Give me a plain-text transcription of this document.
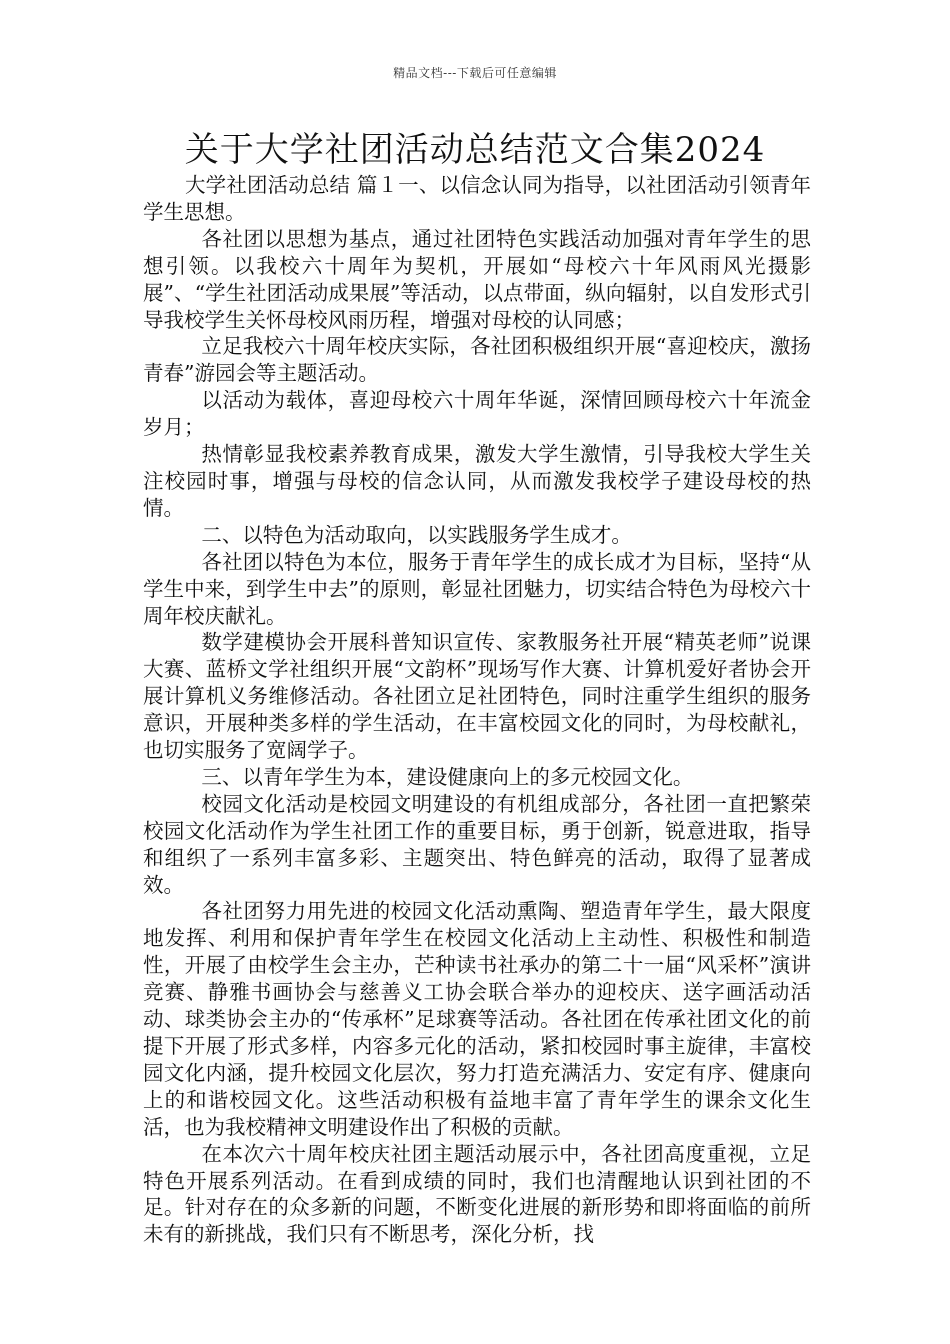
精品文档---下载后可任意编辑
关于大学社团活动总结范文合集2024

大学社团活动总结 篇１一、以信念认同为指导，以社团活动引领青年学生思想。

各社团以思想为基点，通过社团特色实践活动加强对青年学生的思想引领。以我校六十周年为契机，开展如“母校六十年风雨风光摄影展”、“学生社团活动成果展”等活动，以点带面，纵向辐射，以自发形式引导我校学生关怀母校风雨历程，增强对母校的认同感；

立足我校六十周年校庆实际，各社团积极组织开展“喜迎校庆，激扬青春”游园会等主题活动。

以活动为载体，喜迎母校六十周年华诞，深情回顾母校六十年流金岁月；

热情彰显我校素养教育成果，激发大学生激情，引导我校大学生关注校园时事，增强与母校的信念认同，从而激发我校学子建设母校的热情。

二、以特色为活动取向，以实践服务学生成才。

各社团以特色为本位，服务于青年学生的成长成才为目标，坚持“从学生中来，到学生中去”的原则，彰显社团魅力，切实结合特色为母校六十周年校庆献礼。

数学建模协会开展科普知识宣传、家教服务社开展“精英老师”说课大赛、蓝桥文学社组织开展“文韵杯”现场写作大赛、计算机爱好者协会开展计算机义务维修活动。各社团立足社团特色，同时注重学生组织的服务意识，开展种类多样的学生活动，在丰富校园文化的同时，为母校献礼，也切实服务了宽阔学子。

三、以青年学生为本，建设健康向上的多元校园文化。

校园文化活动是校园文明建设的有机组成部分，各社团一直把繁荣校园文化活动作为学生社团工作的重要目标，勇于创新，锐意进取，指导和组织了一系列丰富多彩、主题突出、特色鲜亮的活动，取得了显著成效。

各社团努力用先进的校园文化活动熏陶、塑造青年学生，最大限度地发挥、利用和保护青年学生在校园文化活动上主动性、积极性和制造性，开展了由校学生会主办，芒种读书社承办的第二十一届“风采杯”演讲竞赛、静雅书画协会与慈善义工协会联合举办的迎校庆、送字画活动活动、球类协会主办的“传承杯”足球赛等活动。各社团在传承社团文化的前提下开展了形式多样，内容多元化的活动，紧扣校园时事主旋律，丰富校园文化内涵，提升校园文化层次，努力打造充满活力、安定有序、健康向上的和谐校园文化。这些活动积极有益地丰富了青年学生的课余文化生活，也为我校精神文明建设作出了积极的贡献。

在本次六十周年校庆社团主题活动展示中，各社团高度重视，立足特色开展系列活动。在看到成绩的同时，我们也清醒地认识到社团的不足。针对存在的众多新的问题，不断变化进展的新形势和即将面临的前所未有的新挑战，我们只有不断思考，深化分析，找
